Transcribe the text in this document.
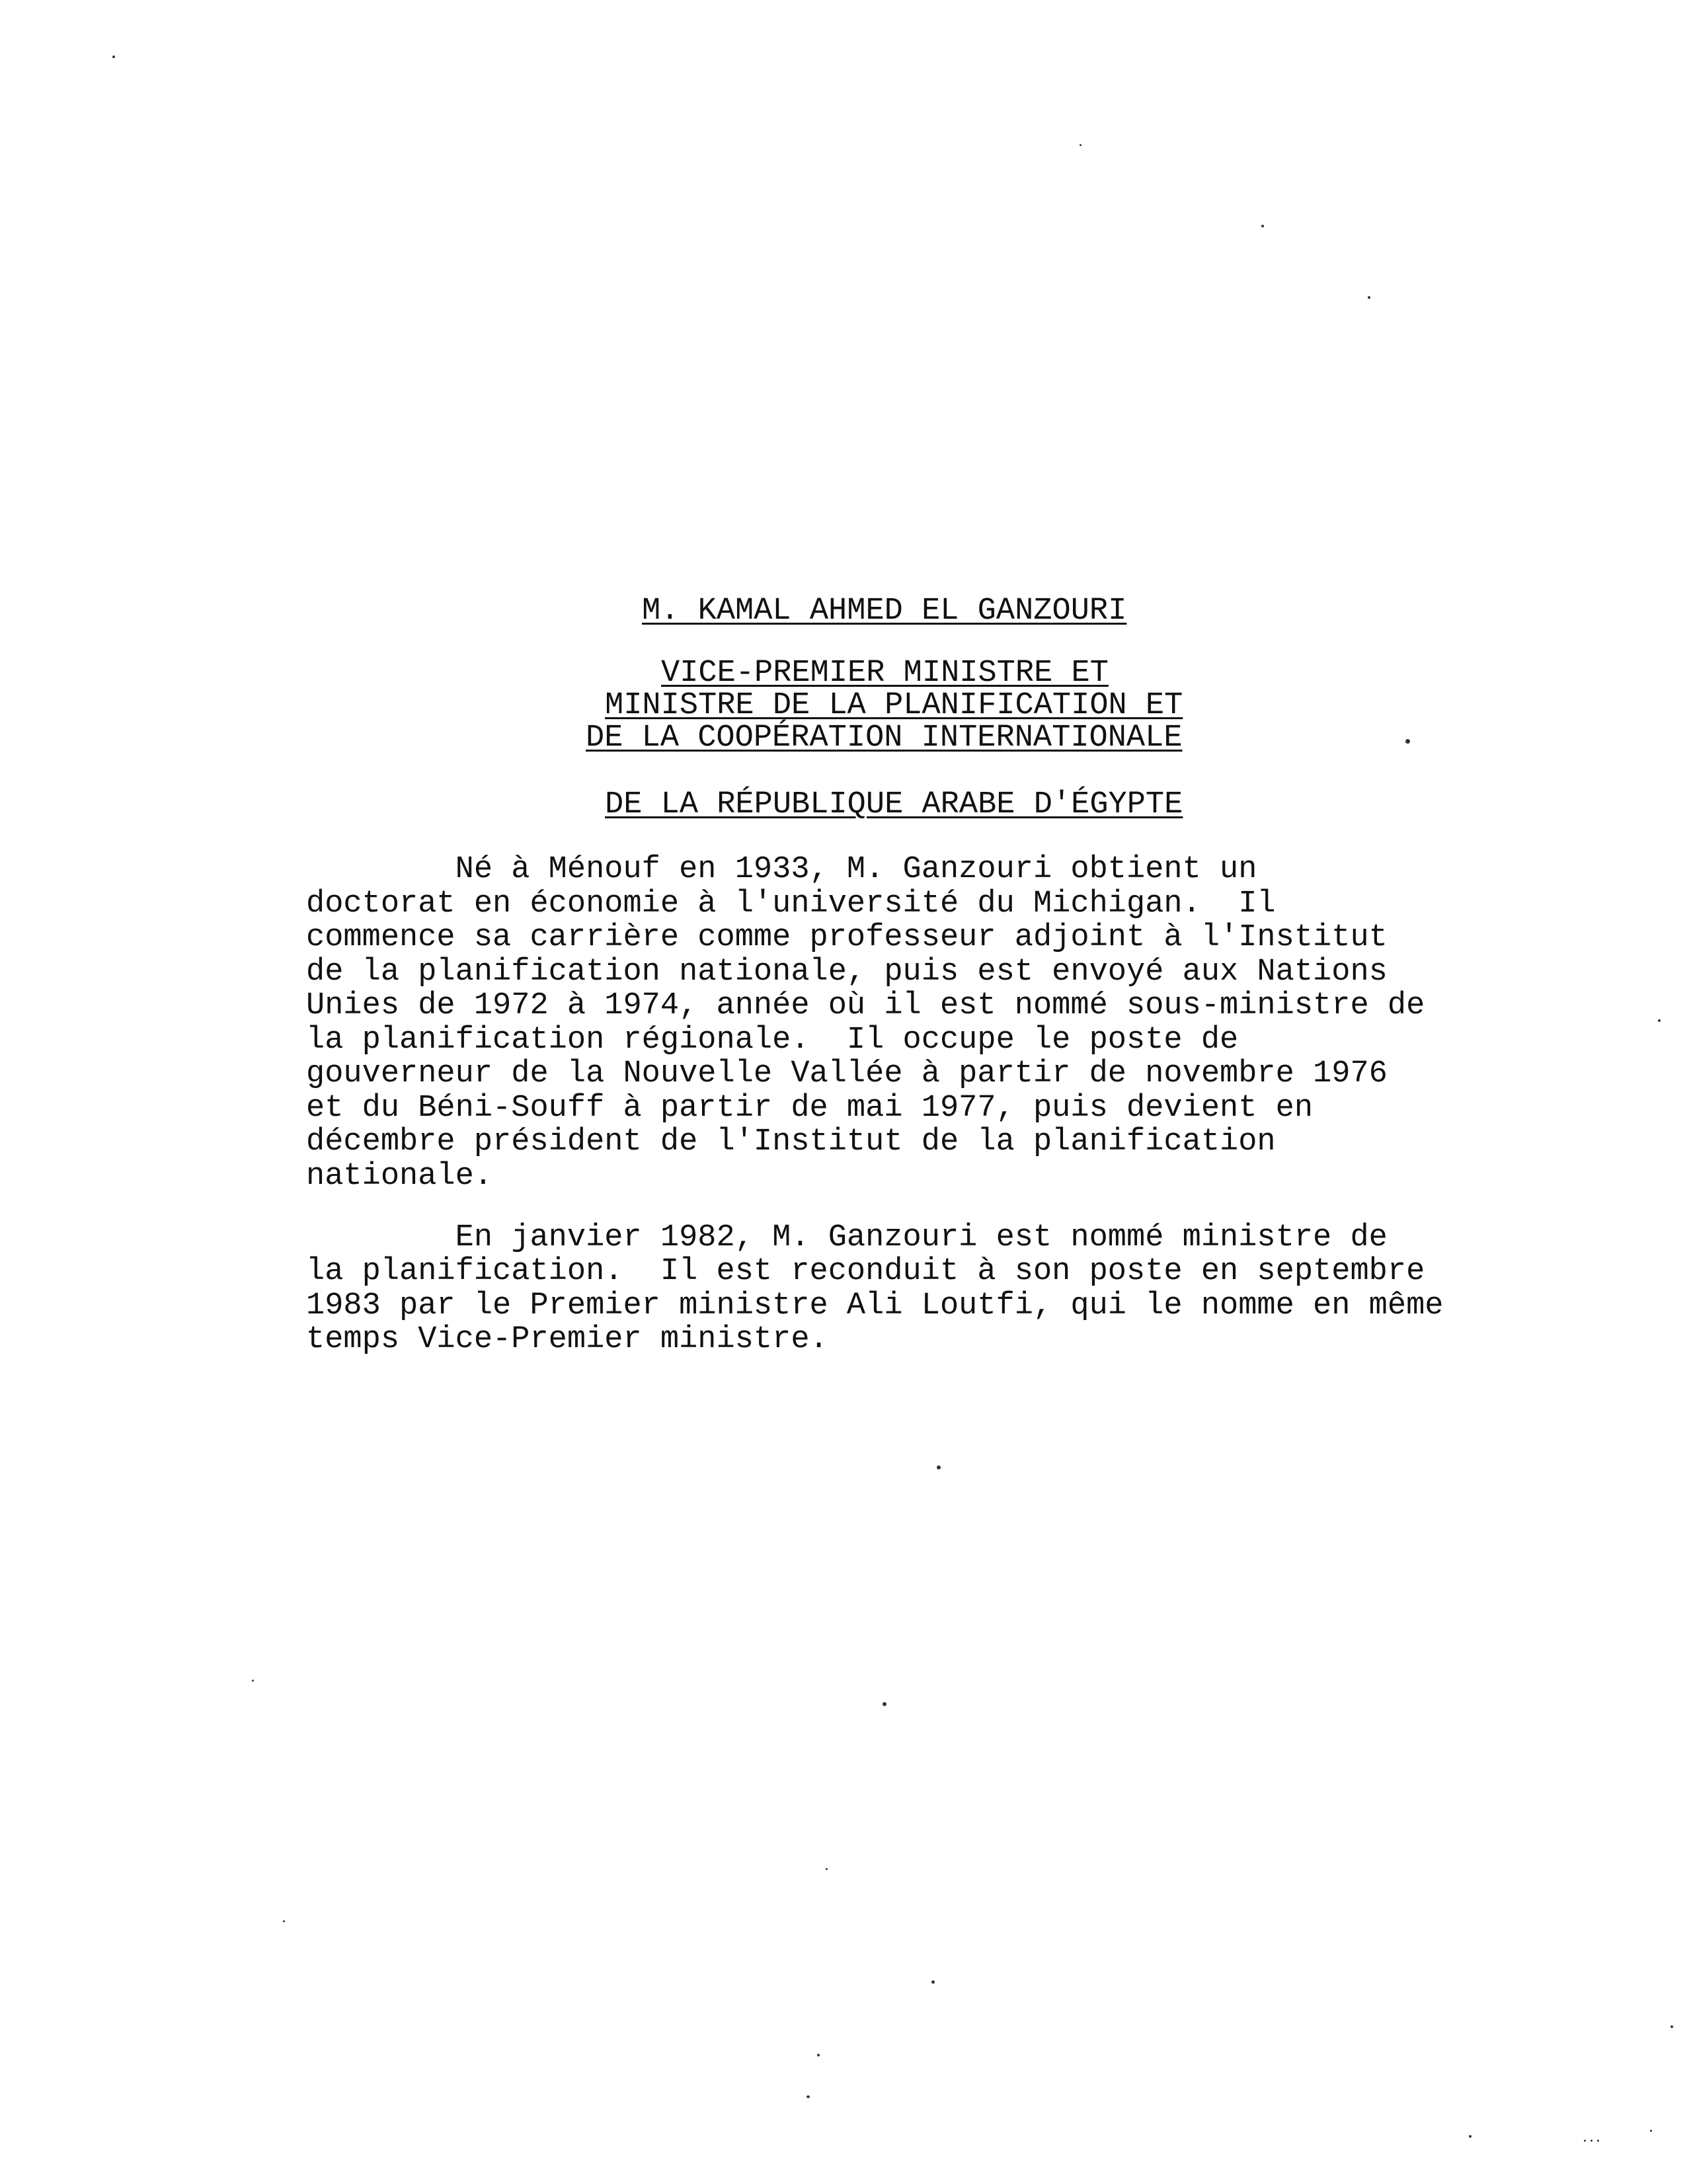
M. KAMAL AHMED EL GANZOURI
VICE-PREMIER MINISTRE ET
MINISTRE DE LA PLANIFICATION ET
DE LA COOPÉRATION INTERNATIONALE
DE LA RÉPUBLIQUE ARABE D'ÉGYPTE
Né à Ménouf en 1933, M. Ganzouri obtient un
doctorat en économie à l'université du Michigan.  Il
commence sa carrière comme professeur adjoint à l'Institut
de la planification nationale, puis est envoyé aux Nations
Unies de 1972 à 1974, année où il est nommé sous-ministre de
la planification régionale.  Il occupe le poste de
gouverneur de la Nouvelle Vallée à partir de novembre 1976
et du Béni-Souff à partir de mai 1977, puis devient en
décembre président de l'Institut de la planification
nationale.
En janvier 1982, M. Ganzouri est nommé ministre de
la planification.  Il est reconduit à son poste en septembre
1983 par le Premier ministre Ali Loutfi, qui le nomme en même
temps Vice-Premier ministre.
